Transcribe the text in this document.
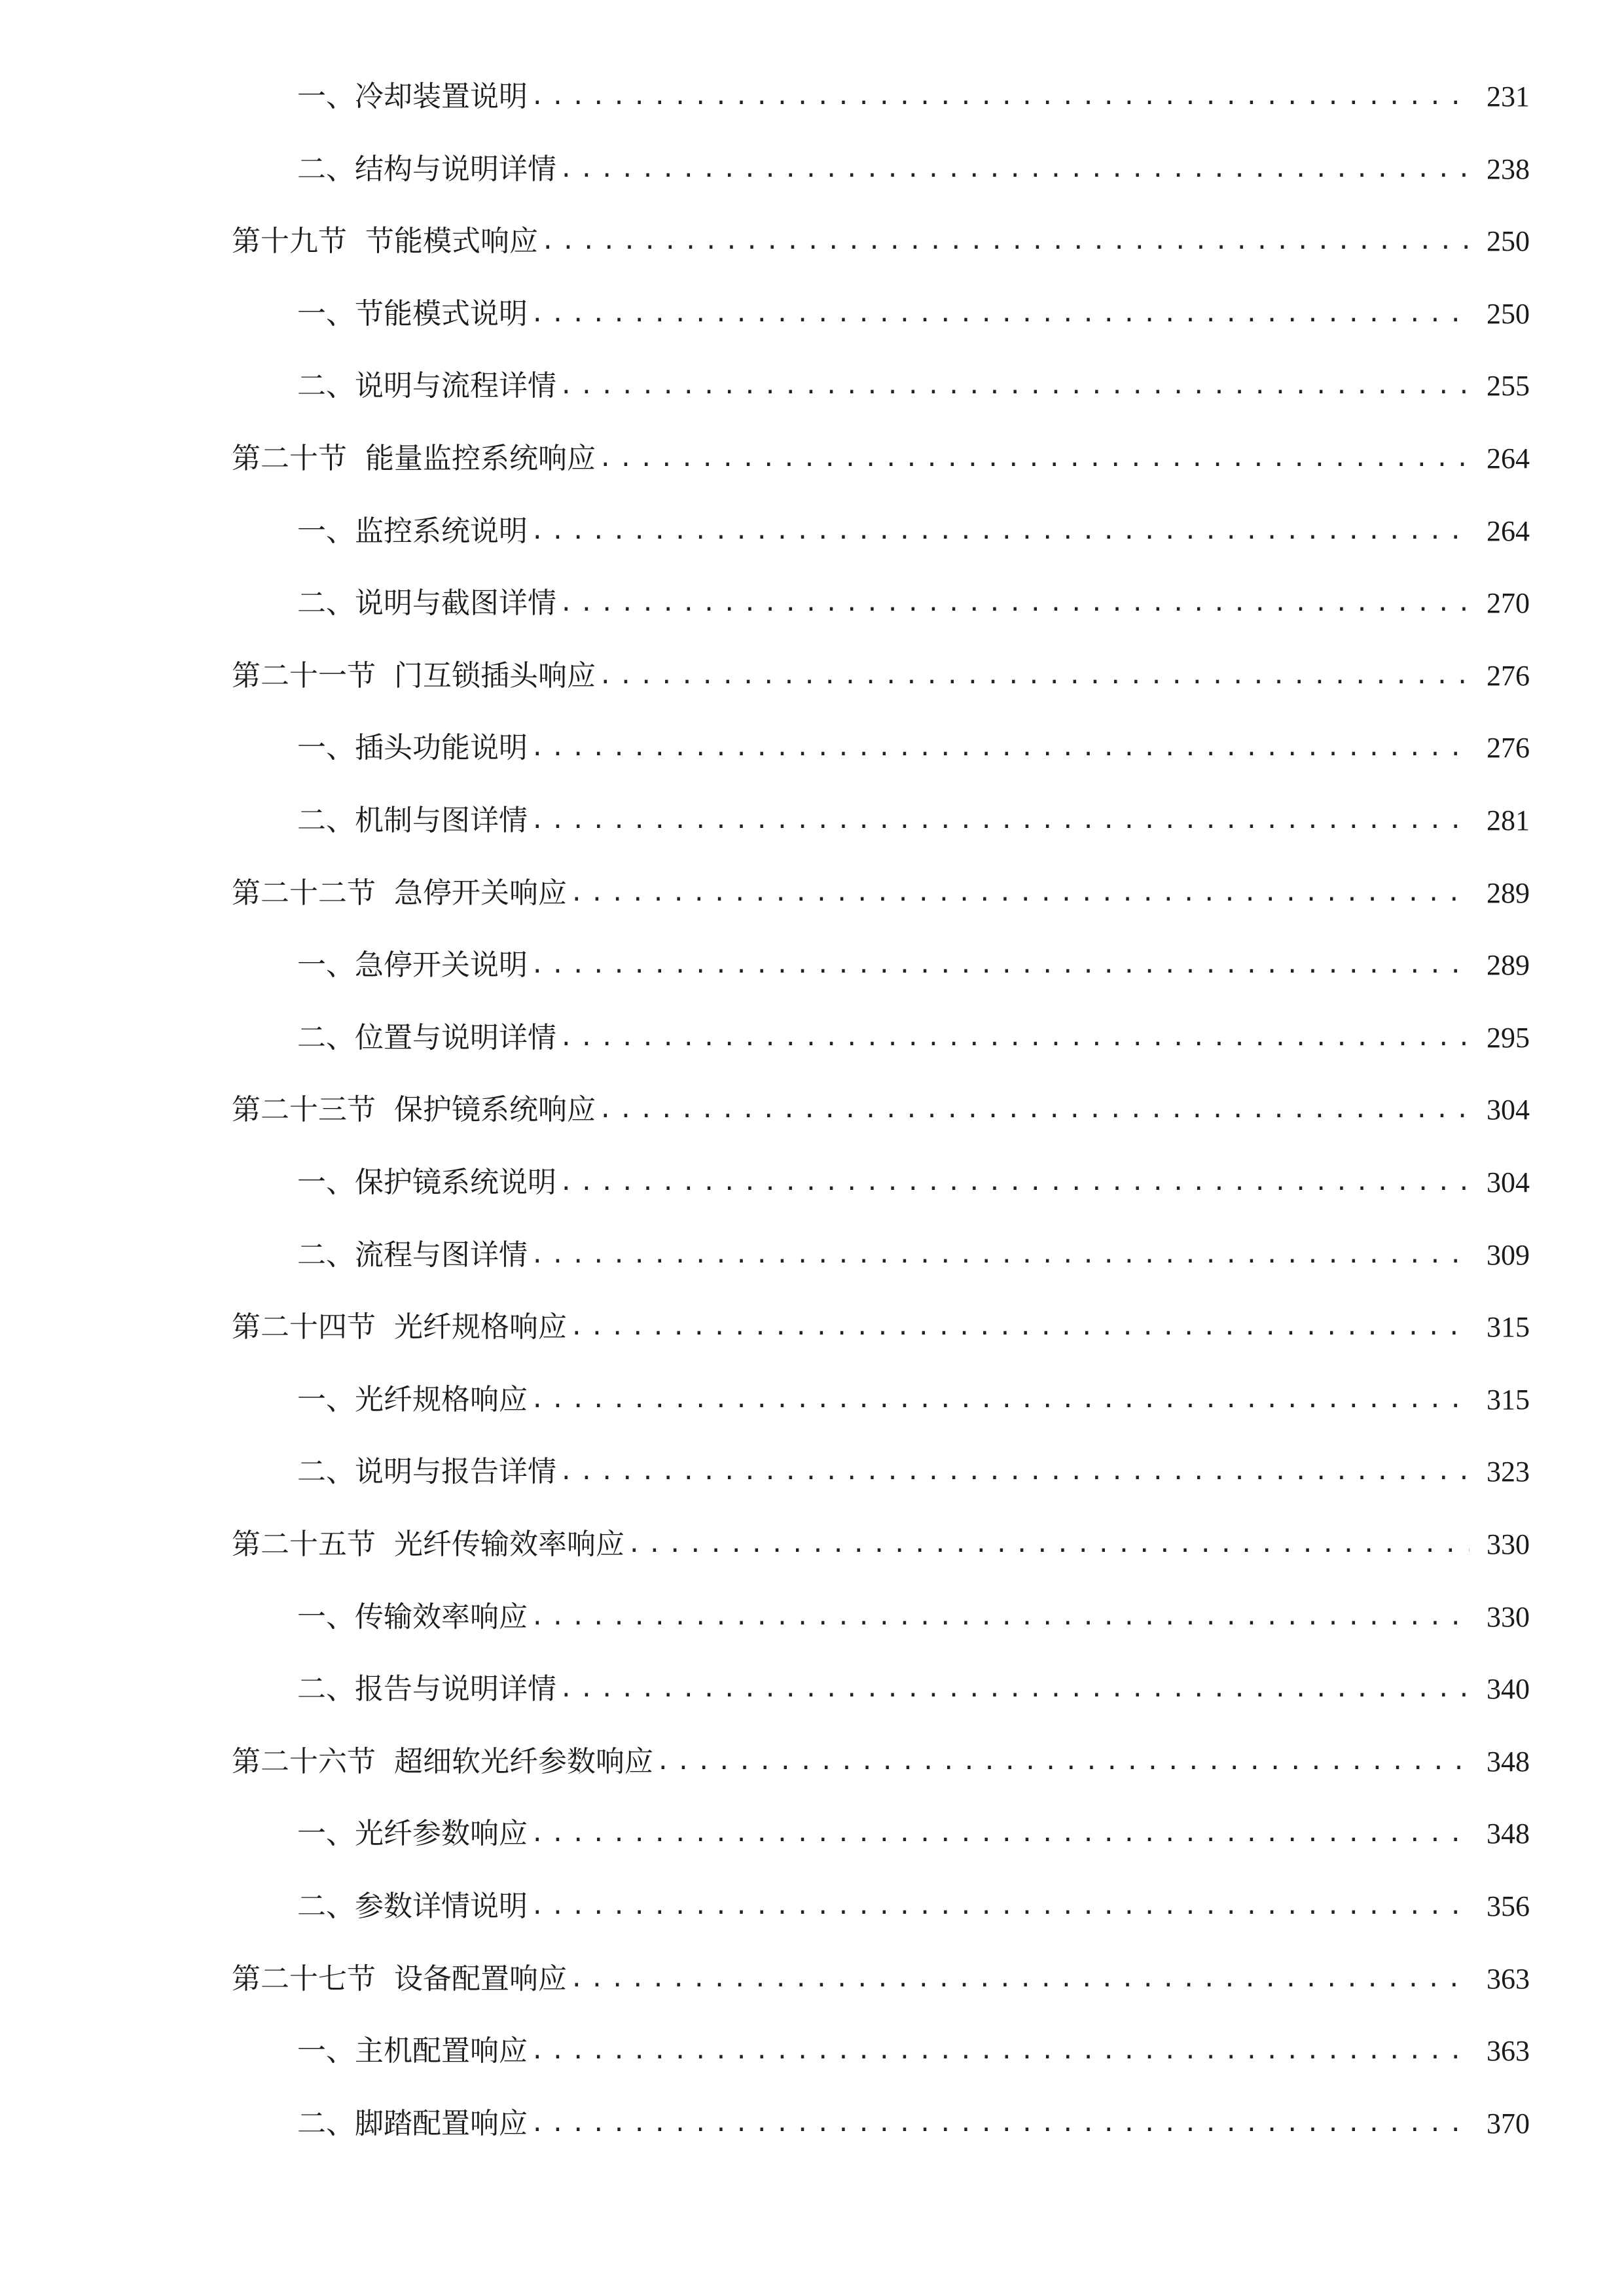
一、 冷却装置说明 .....	231
二、 结构与说明详情 .....	238
第十九节 节能模式响应 .....	250
一、 节能模式说明 .....	250
二、 说明与流程详情 .....	255
第二十节 能量监控系统响应 .....	264
一、 监控系统说明 .....	264
二、 说明与截图详情 .....	270
第二十一节 门互锁插头响应 .....	276
一、 插头功能说明 .....	276
二、 机制与图详情 .....	281
第二十二节 急停开关响应 .....	289
一、 急停开关说明 .....	289
二、 位置与说明详情 .....	295
第二十三节 保护镜系统响应 .....	304
一、 保护镜系统说明 .....	304
二、 流程与图详情 .....	309
第二十四节 光纤规格响应 .....	315
一、 光纤规格响应 .....	315
二、 说明与报告详情 .....	323
第二十五节 光纤传输效率响应 .....	330
一、 传输效率响应 .....	330
二、 报告与说明详情 .....	340
第二十六节 超细软光纤参数响应 .....	348
一、 光纤参数响应 .....	348
二、 参数详情说明 .....	356
第二十七节 设备配置响应 .....	363
一、 主机配置响应 .....	363
二、 脚踏配置响应 .....	370
